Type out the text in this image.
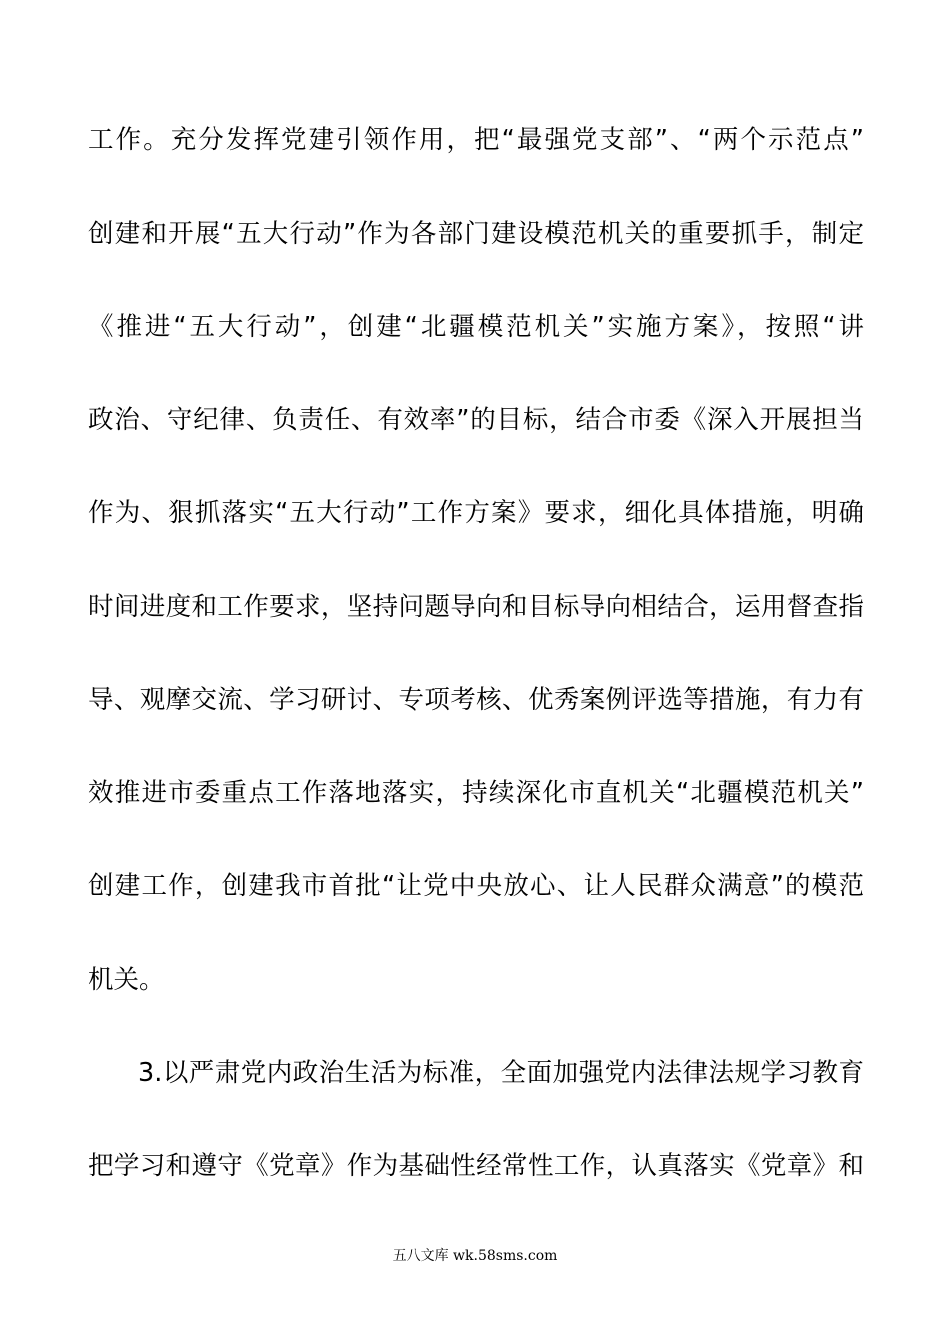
工作。充分发挥党建引领作用，把“最强党支部”、“两个示范点”
创建和开展“五大行动”作为各部门建设模范机关的重要抓手，制定
《推进“五大行动”，创建“北疆模范机关”实施方案》，按照“讲
政治、守纪律、负责任、有效率”的目标，结合市委《深入开展担当
作为、狠抓落实“五大行动”工作方案》要求，细化具体措施，明确
时间进度和工作要求，坚持问题导向和目标导向相结合，运用督查指
导、观摩交流、学习研讨、专项考核、优秀案例评选等措施，有力有
效推进市委重点工作落地落实，持续深化市直机关“北疆模范机关”
创建工作，创建我市首批“让党中央放心、让人民群众满意”的模范
机关。
3.以严肃党内政治生活为标准，全面加强党内法律法规学习教育
把学习和遵守《党章》作为基础性经常性工作，认真落实《党章》和
五八文库 wk.58sms.com
